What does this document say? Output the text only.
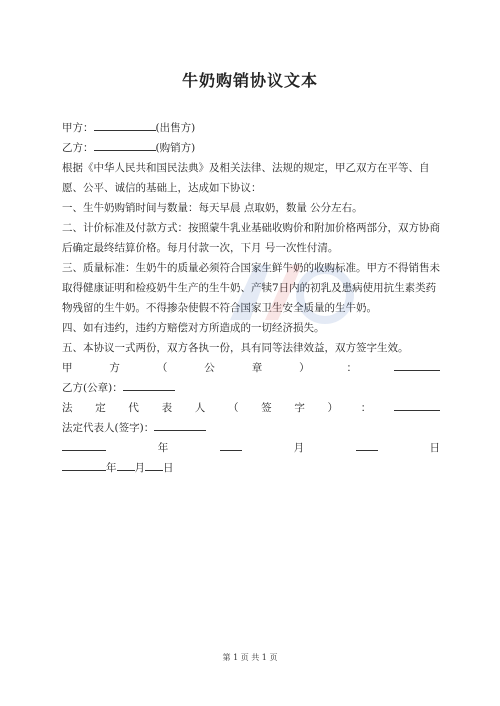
牛奶购销协议文本
甲方：	(出售方)
乙方：	(购销方)
根据《中华人民共和国民法典》及相关法律、法规的规定，甲乙双方在平等、自愿、公平、诚信的基础上，达成如下协议：
一、生牛奶购销时间与数量：每天早晨 点取奶，数量 公分左右。
二、计价标准及付款方式：按照蒙牛乳业基础收购价和附加价格两部分，双方协商后确定最终结算价格。每月付款一次，下月 号一次性付清。
三、质量标准：生奶牛的质量必须符合国家生鲜牛奶的收购标准。甲方不得销售未取得健康证明和检疫奶牛生产的生牛奶、产犊7日内的初乳及患病使用抗生素类药物残留的生牛奶。不得掺杂使假不符合国家卫生安全质量的生牛奶。
四、如有违约，违约方赔偿对方所造成的一切经济损失。
五、本协议一式两份，双方各执一份，具有同等法律效益，双方签字生效。
甲	方	（	公	章	）	：
乙方(公章)：
法 定 代 表 人 （ 签 字 ） ：
法定代表人(签字)：
年	月	日
年 月 日
第 1 页 共 1 页
